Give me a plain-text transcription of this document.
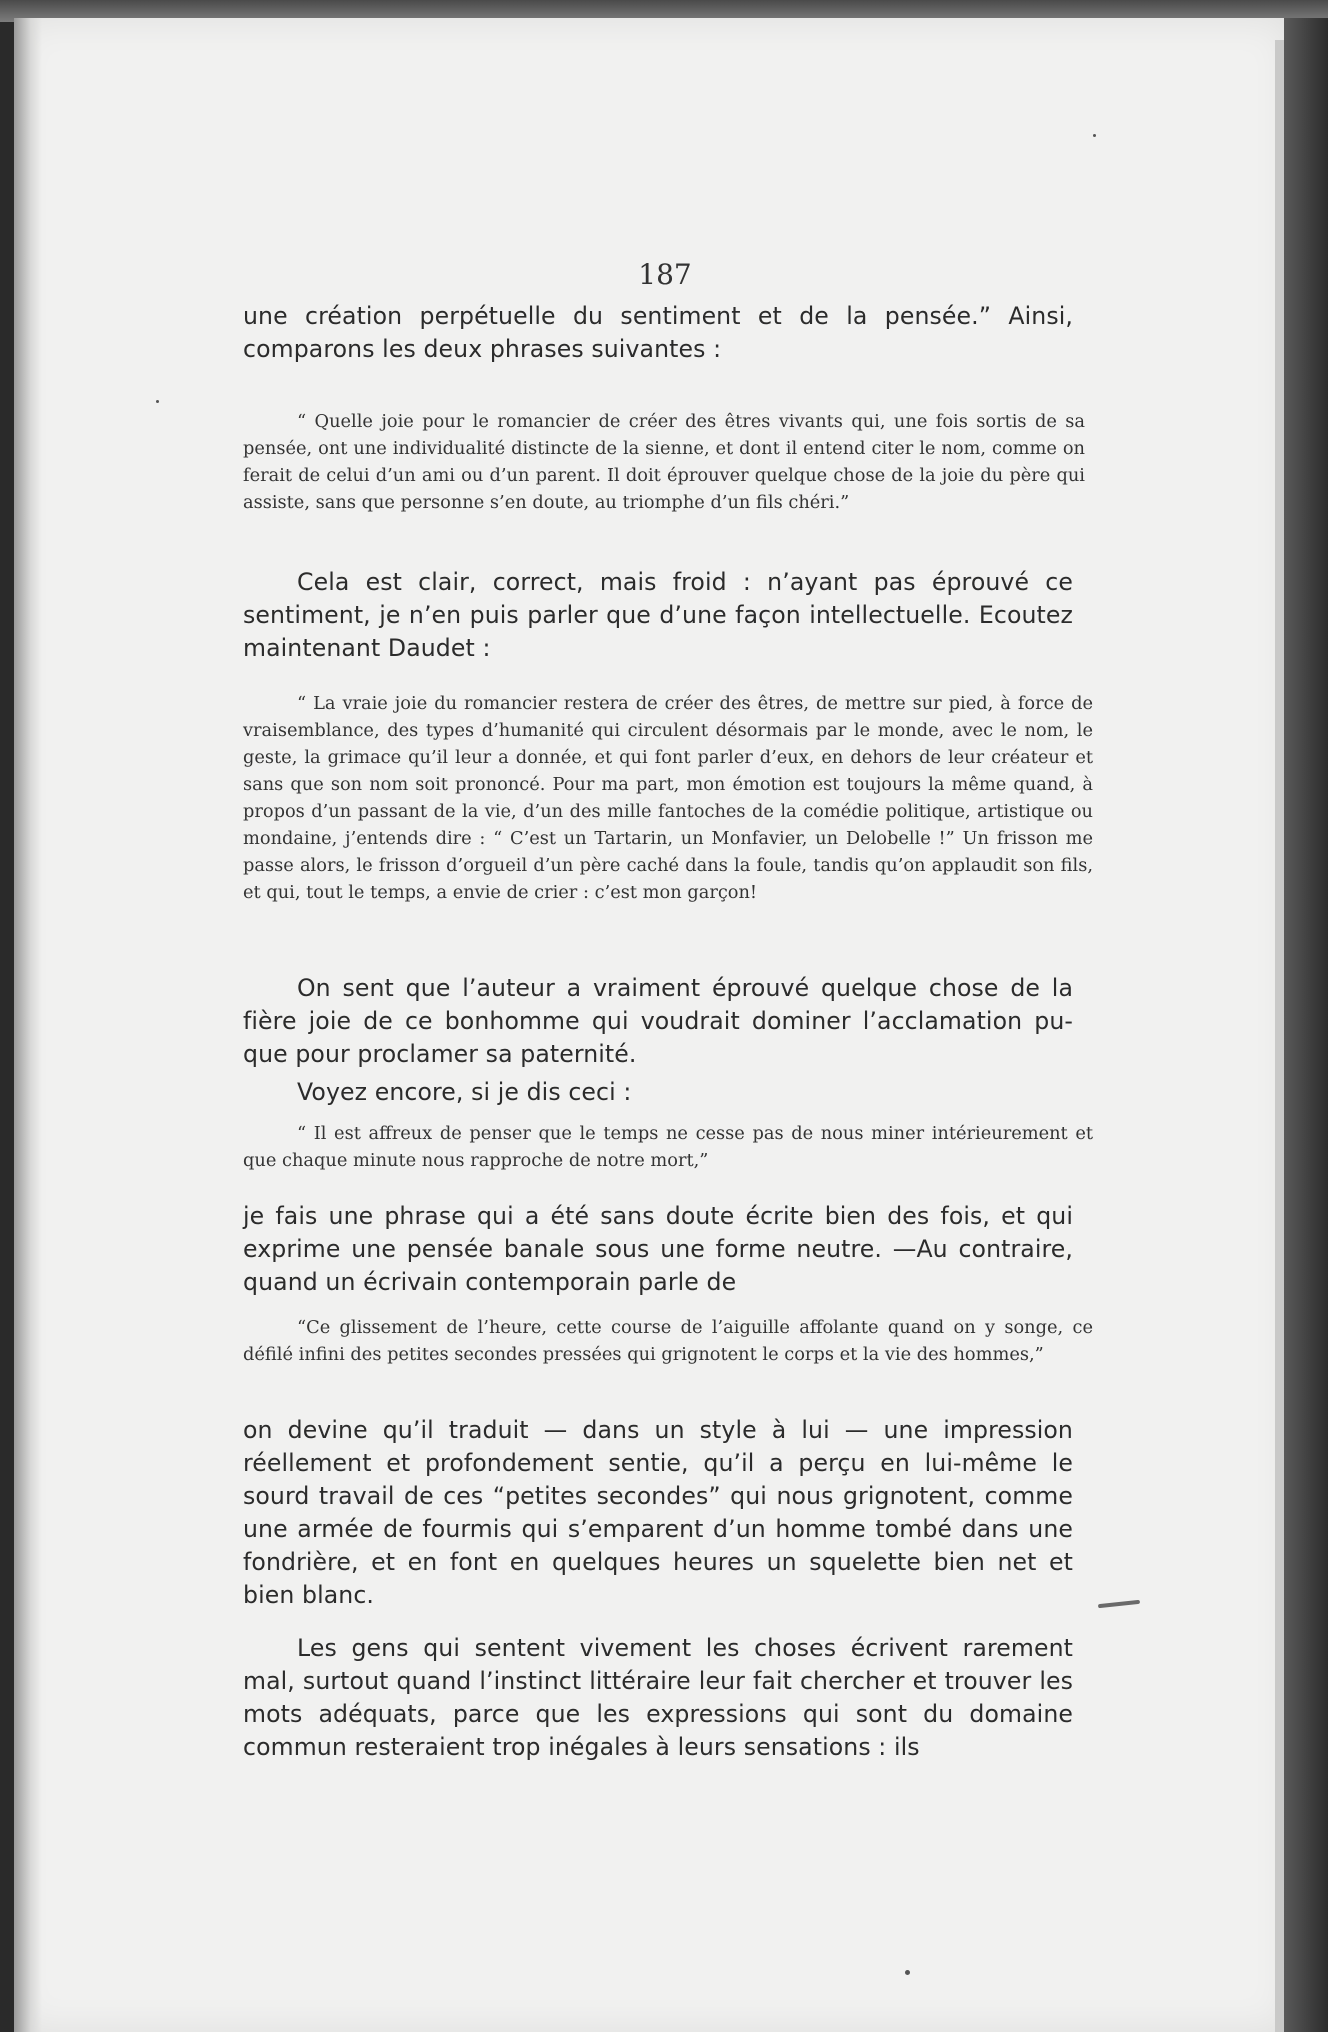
187

une création perpétuelle du sentiment et de la pensée.” Ainsi, comparons les deux phrases suivantes :

“ Quelle joie pour le romancier de créer des êtres vivants qui, une fois sortis de sa pensée, ont une individualité distincte de la sienne, et dont il entend citer le nom, comme on ferait de celui d’un ami ou d’un parent. Il doit éprouver quelque chose de la joie du père qui assiste, sans que personne s’en doute, au triomphe d’un fils chéri.”

Cela est clair, correct, mais froid : n’ayant pas éprouvé ce sentiment, je n’en puis parler que d’une façon intellectuelle. Ecoutez maintenant Daudet :

“ La vraie joie du romancier restera de créer des êtres, de mettre sur pied, à force de vraisemblance, des types d’humanité qui circulent désormais par le monde, avec le nom, le geste, la grimace qu’il leur a donnée, et qui font parler d’eux, en dehors de leur créateur et sans que son nom soit prononcé. Pour ma part, mon émotion est toujours la même quand, à propos d’un passant de la vie, d’un des mille fantoches de la comédie politique, artistique ou mondaine, j’entends dire : “ C’est un Tartarin, un Monfavier, un Delobelle !” Un frisson me passe alors, le frisson d’orgueil d’un père caché dans la foule, tandis qu’on applaudit son fils, et qui, tout le temps, a envie de crier : c’est mon garçon!

On sent que l’auteur a vraiment éprouvé quelque chose de la fière joie de ce bonhomme qui voudrait dominer l’acclamation pu-que pour proclamer sa paternité.

Voyez encore, si je dis ceci :

“ Il est affreux de penser que le temps ne cesse pas de nous miner intérieurement et que chaque minute nous rapproche de notre mort,”

je fais une phrase qui a été sans doute écrite bien des fois, et qui exprime une pensée banale sous une forme neutre. —Au contraire, quand un écrivain contemporain parle de

“Ce glissement de l’heure, cette course de l’aiguille affolante quand on y songe, ce défilé infini des petites secondes pressées qui grignotent le corps et la vie des hommes,”

on devine qu’il traduit — dans un style à lui — une impression réellement et profondement sentie, qu’il a perçu en lui-même le sourd travail de ces “petites secondes” qui nous grignotent, comme une armée de fourmis qui s’emparent d’un homme tombé dans une fondrière, et en font en quelques heures un squelette bien net et bien blanc.

Les gens qui sentent vivement les choses écrivent rarement mal, surtout quand l’instinct littéraire leur fait chercher et trouver les mots adéquats, parce que les expressions qui sont du domaine commun resteraient trop inégales à leurs sensations : ils
